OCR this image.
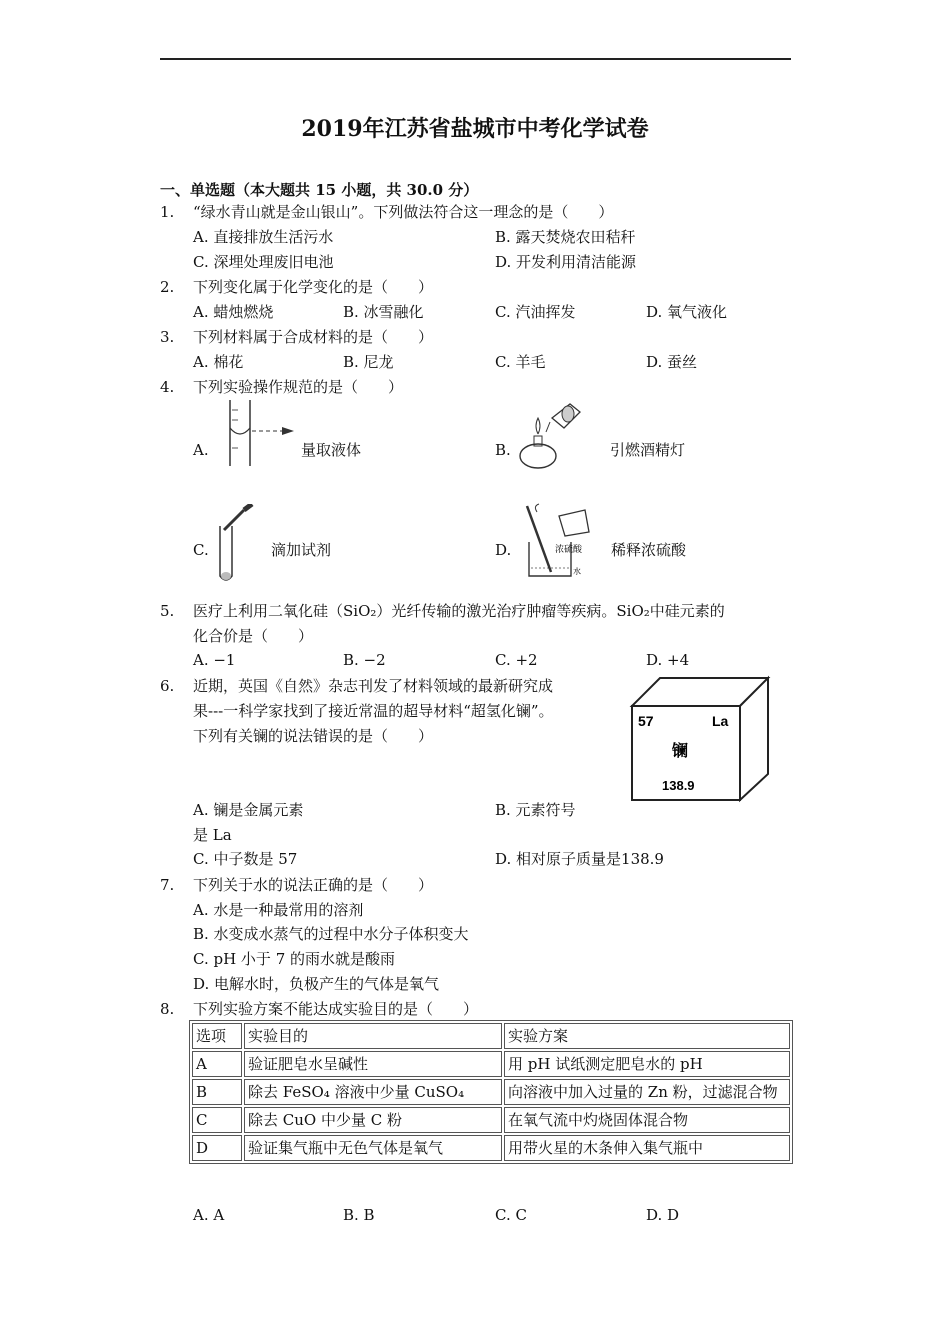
2019年江苏省盐城市中考化学试卷
一、单选题（本大题共 15 小题，共 30.0 分）
1. “绿水青山就是金山银山”。下列做法符合这一理念的是（　　）
A. 直接排放生活污水	B. 露天焚烧农田秸秆
C. 深埋处理废旧电池	D. 开发利用清洁能源
2. 下列变化属于化学变化的是（　　）
A. 蜡烛燃烧	B. 冰雪融化	C. 汽油挥发	D. 氧气液化
3. 下列材料属于合成材料的是（　　）
A. 棉花	B. 尼龙	C. 羊毛	D. 蚕丝
4. 下列实验操作规范的是（　　）
A.	量取液体	B.	引燃酒精灯
C.	滴加试剂	D.	浓硫酸
水
稀释浓硫酸
5. 医疗上利用二氧化硅（SiO₂）光纤传输的激光治疗肿瘤等疾病。SiO₂中硅元素的
化合价是（　　）
A. −1	B. −2	C. +2	D. +4
6. 近期，英国《自然》杂志刊发了材料领域的最新研究成
果---一科学家找到了接近常温的超导材料“超氢化镧”。
下列有关镧的说法错误的是（　　）
57	La
镧
138.9
A. 镧是金属元素	B. 元素符号
是 La
C. 中子数是 57	D. 相对原子质量是138.9
7. 下列关于水的说法正确的是（　　）
A. 水是一种最常用的溶剂
B. 水变成水蒸气的过程中水分子体积变大
C. pH 小于 7 的雨水就是酸雨
D. 电解水时，负极产生的气体是氧气
8. 下列实验方案不能达成实验目的是（　　）
选项	实验目的	实验方案
A	验证肥皂水呈碱性	用 pH 试纸测定肥皂水的 pH
B	除去 FeSO₄ 溶液中少量 CuSO₄	向溶液中加入过量的 Zn 粉，过滤混合物
C	除去 CuO 中少量 C 粉	在氧气流中灼烧固体混合物
D	验证集气瓶中无色气体是氧气	用带火星的木条伸入集气瓶中
A. A	B. B	C. C	D. D
